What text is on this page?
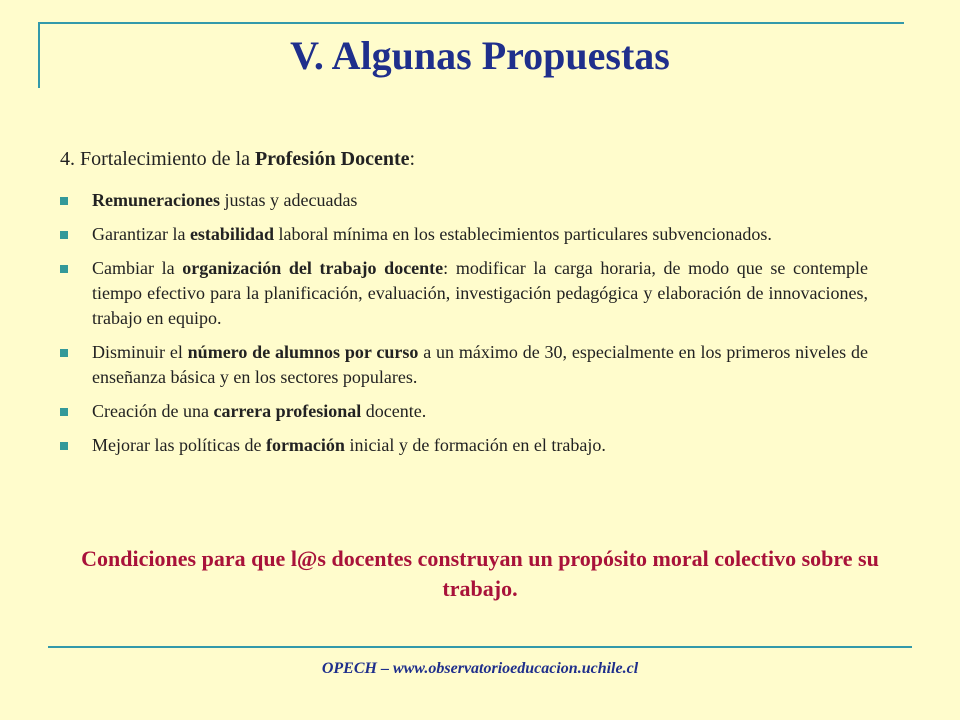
V. Algunas Propuestas
4. Fortalecimiento de la Profesión Docente:
Remuneraciones justas y adecuadas
Garantizar la estabilidad laboral mínima en los establecimientos particulares subvencionados.
Cambiar la organización del trabajo docente: modificar la carga horaria, de modo que se contemple tiempo efectivo para la planificación, evaluación, investigación pedagógica y elaboración de innovaciones, trabajo en equipo.
Disminuir el número de alumnos por curso a un máximo de 30, especialmente en los primeros niveles de enseñanza básica y en los sectores populares.
Creación de una carrera profesional docente.
Mejorar las políticas de formación inicial y de formación en el trabajo.
Condiciones para que l@s docentes construyan un propósito moral colectivo sobre su trabajo.
OPECH – www.observatorioeducacion.uchile.cl
